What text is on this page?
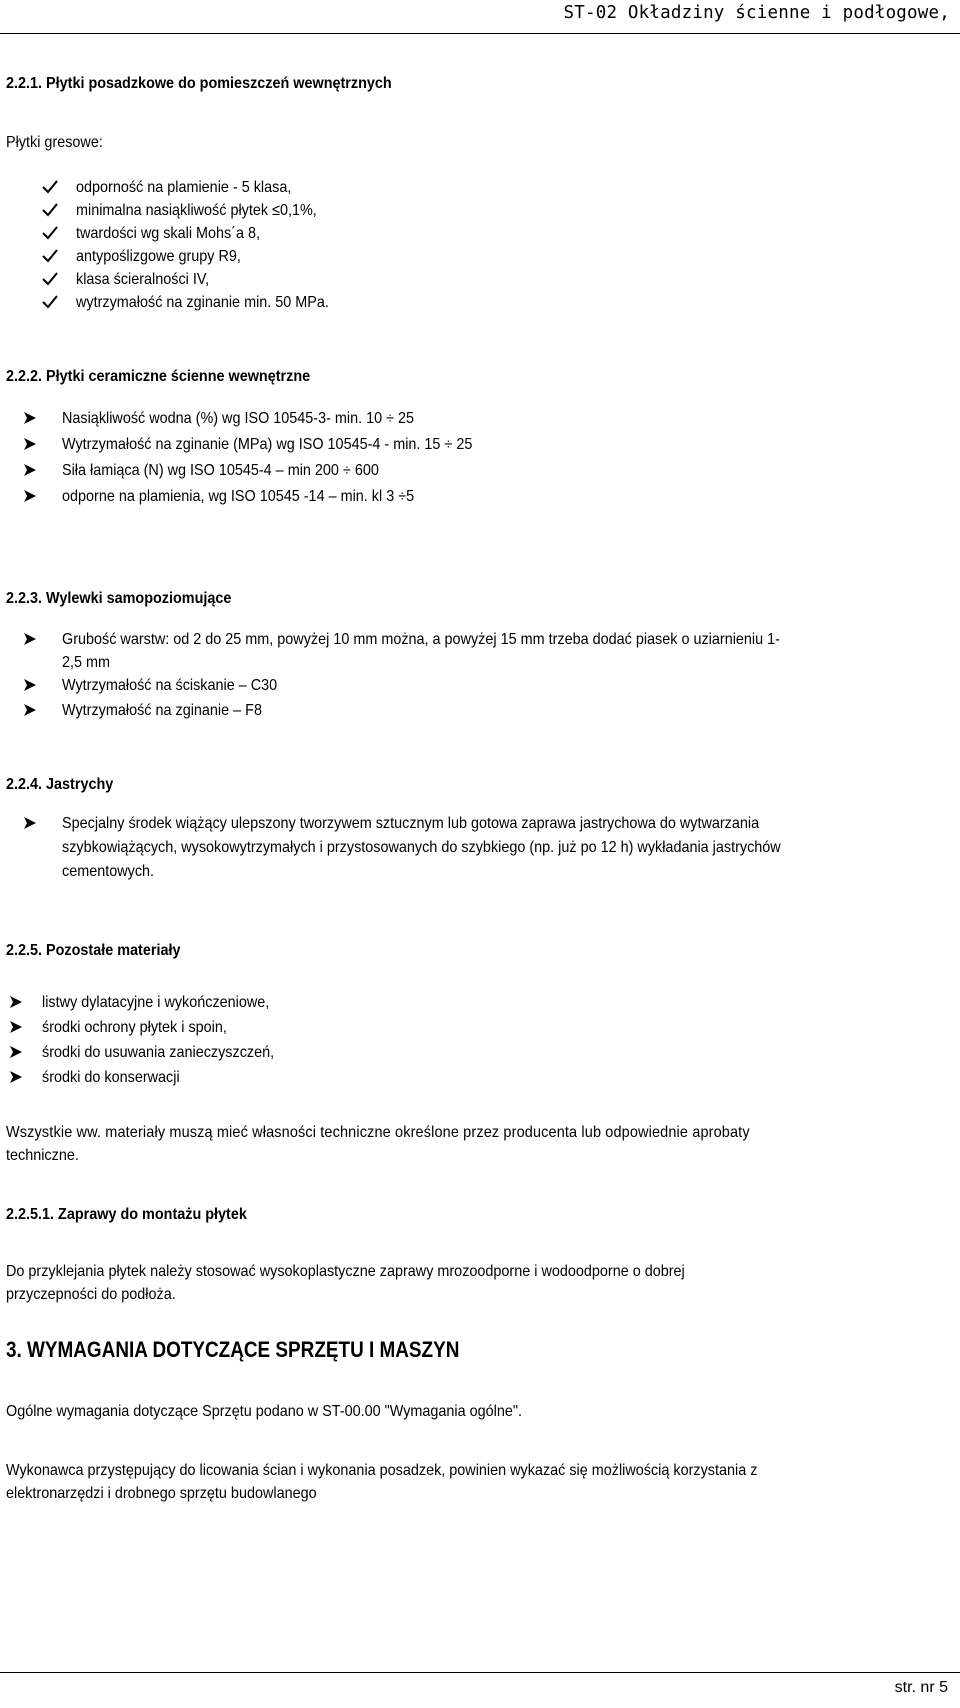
ST-02 Okładziny ścienne i podłogowe,
2.2.1. Płytki posadzkowe do pomieszczeń wewnętrznych
Płytki gresowe:
odporność na plamienie - 5 klasa,
minimalna nasiąkliwość płytek ≤0,1%,
twardości wg skali Mohs´a 8,
antypoślizgowe grupy R9,
klasa ścieralności IV,
wytrzymałość na zginanie min. 50 MPa.
2.2.2. Płytki ceramiczne ścienne wewnętrzne
Nasiąkliwość wodna (%) wg ISO 10545-3- min. 10 ÷ 25
Wytrzymałość na zginanie (MPa) wg ISO 10545-4 - min. 15 ÷ 25
Siła łamiąca (N) wg ISO 10545-4 – min 200 ÷ 600
odporne na plamienia, wg ISO 10545 -14 – min. kl 3 ÷5
2.2.3. Wylewki samopoziomujące
Grubość warstw: od 2 do 25 mm, powyżej 10 mm można, a powyżej 15 mm trzeba dodać piasek o uziarnieniu 1-
2,5 mm
Wytrzymałość na ściskanie – C30
Wytrzymałość na zginanie – F8
2.2.4. Jastrychy
Specjalny środek wiążący ulepszony tworzywem sztucznym lub gotowa zaprawa jastrychowa do wytwarzania
szybkowiążących, wysokowytrzymałych i przystosowanych do szybkiego (np. już po 12 h) wykładania jastrychów
cementowych.
2.2.5. Pozostałe materiały
listwy dylatacyjne i wykończeniowe,
środki ochrony płytek i spoin,
środki do usuwania zanieczyszczeń,
środki do konserwacji
Wszystkie ww. materiały muszą mieć własności techniczne określone przez producenta lub odpowiednie aprobaty
techniczne.
2.2.5.1. Zaprawy do montażu płytek
Do przyklejania płytek należy stosować wysokoplastyczne zaprawy mrozoodporne i wodoodporne o dobrej
przyczepności do podłoża.
3. WYMAGANIA DOTYCZĄCE SPRZĘTU I MASZYN
Ogólne wymagania dotyczące Sprzętu podano w ST-00.00 "Wymagania ogólne".
Wykonawca przystępujący do licowania ścian i wykonania posadzek, powinien wykazać się możliwością korzystania z
elektronarzędzi i drobnego sprzętu budowlanego
str. nr 5
